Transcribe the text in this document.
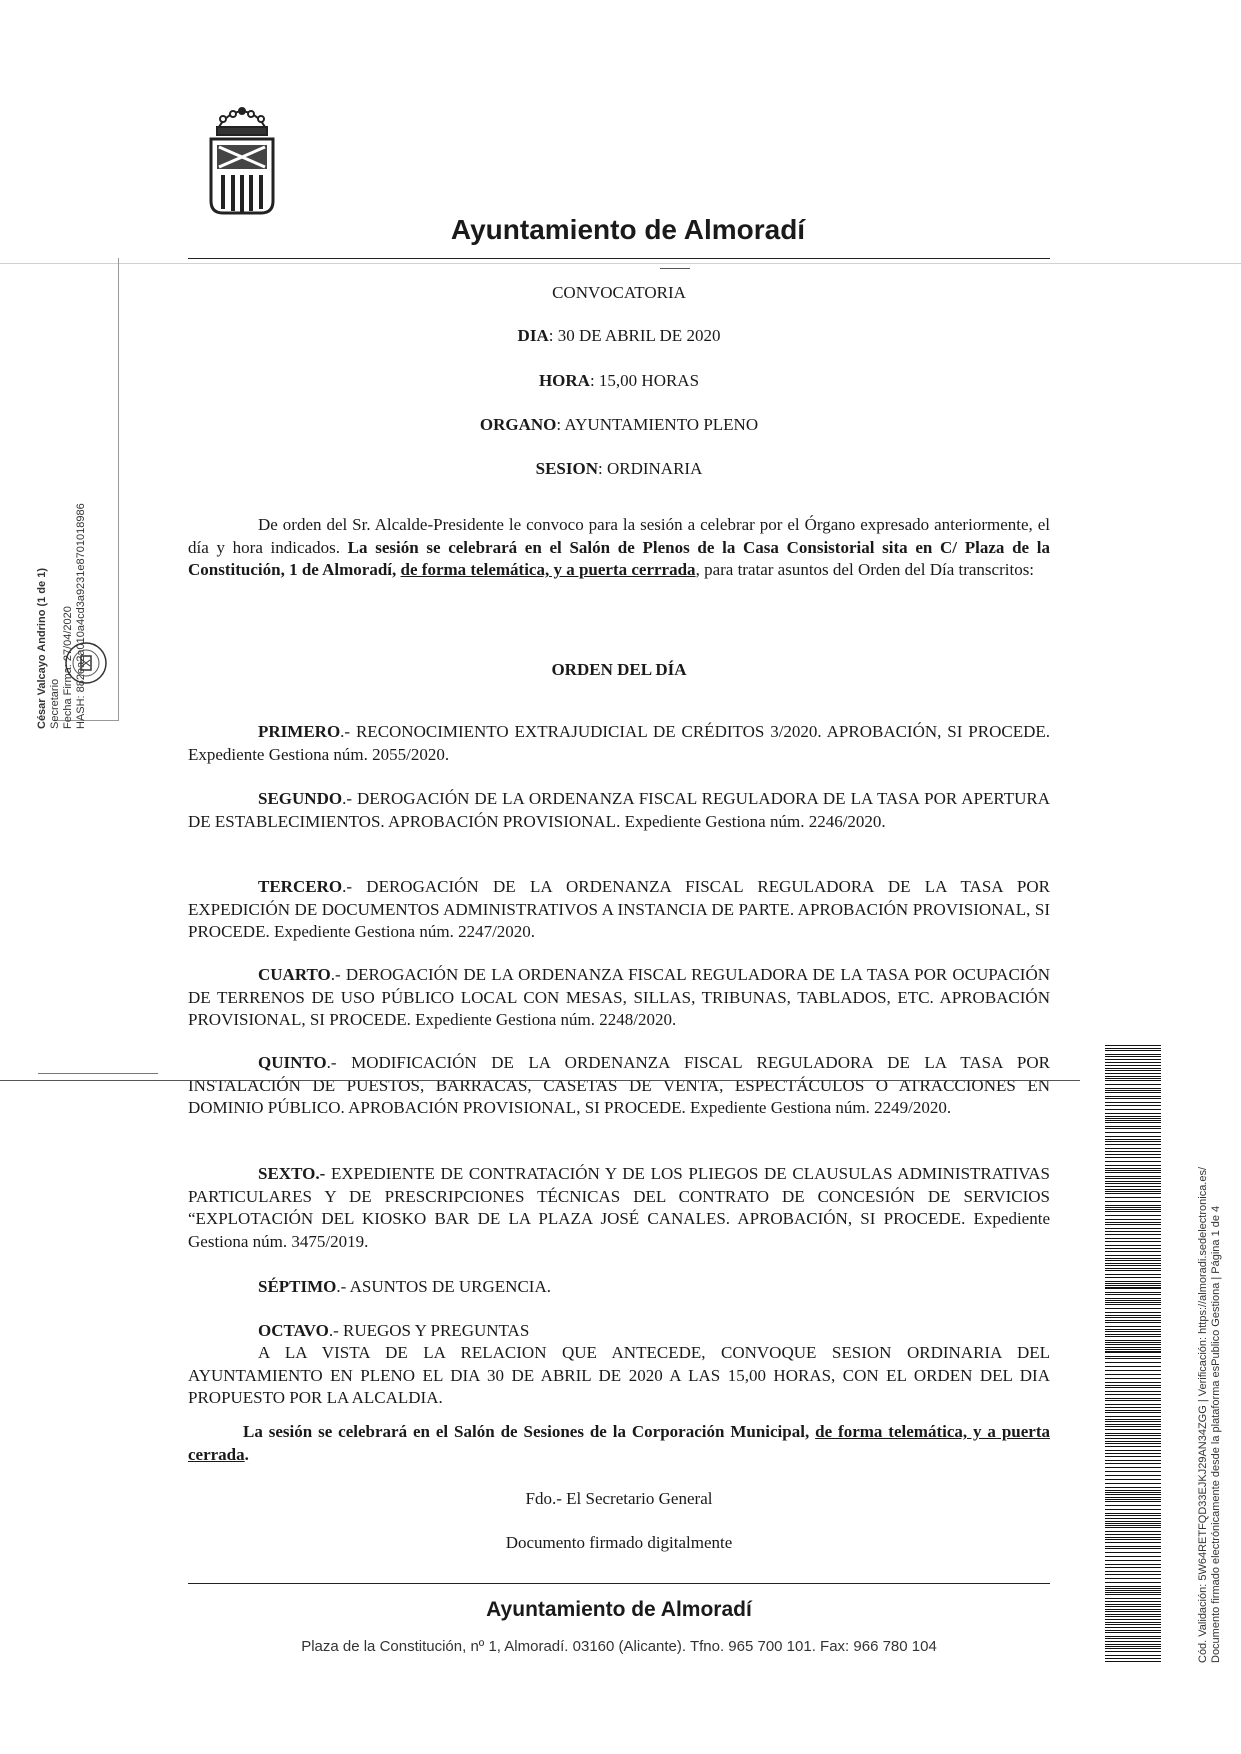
Ayuntamiento de Almoradí
César Valcayo Andrino (1 de 1) Secretario Fecha Firma: 27/04/2020 HASH: 882ea2a010a4cd3a9231e8701018986
CONVOCATORIA
DIA: 30 DE ABRIL DE 2020
HORA: 15,00 HORAS
ORGANO: AYUNTAMIENTO PLENO
SESION: ORDINARIA
De orden del Sr. Alcalde-Presidente le convoco para la sesión a celebrar por el Órgano expresado anteriormente, el día y hora indicados. La sesión se celebrará en el Salón de Plenos de la Casa Consistorial sita en C/ Plaza de la Constitución, 1 de Almoradí, de forma telemática, y a puerta cerrrada, para tratar asuntos del Orden del Día transcritos:
ORDEN DEL DÍA
PRIMERO.- RECONOCIMIENTO EXTRAJUDICIAL DE CRÉDITOS 3/2020. APROBACIÓN, SI PROCEDE. Expediente Gestiona núm. 2055/2020.
SEGUNDO.- DEROGACIÓN DE LA ORDENANZA FISCAL REGULADORA DE LA TASA POR APERTURA DE ESTABLECIMIENTOS. APROBACIÓN PROVISIONAL. Expediente Gestiona núm. 2246/2020.
TERCERO.- DEROGACIÓN DE LA ORDENANZA FISCAL REGULADORA DE LA TASA POR EXPEDICIÓN DE DOCUMENTOS ADMINISTRATIVOS A INSTANCIA DE PARTE. APROBACIÓN PROVISIONAL, SI PROCEDE. Expediente Gestiona núm. 2247/2020.
CUARTO.- DEROGACIÓN DE LA ORDENANZA FISCAL REGULADORA DE LA TASA POR OCUPACIÓN DE TERRENOS DE USO PÚBLICO LOCAL CON MESAS, SILLAS, TRIBUNAS, TABLADOS, ETC. APROBACIÓN PROVISIONAL, SI PROCEDE. Expediente Gestiona núm. 2248/2020.
QUINTO.- MODIFICACIÓN DE LA ORDENANZA FISCAL REGULADORA DE LA TASA POR INSTALACIÓN DE PUESTOS, BARRACAS, CASETAS DE VENTA, ESPECTÁCULOS O ATRACCIONES EN DOMINIO PÚBLICO. APROBACIÓN PROVISIONAL, SI PROCEDE. Expediente Gestiona núm. 2249/2020.
SEXTO.- EXPEDIENTE DE CONTRATACIÓN Y DE LOS PLIEGOS DE CLAUSULAS ADMINISTRATIVAS PARTICULARES Y DE PRESCRIPCIONES TÉCNICAS DEL CONTRATO DE CONCESIÓN DE SERVICIOS “EXPLOTACIÓN DEL KIOSKO BAR DE LA PLAZA JOSÉ CANALES. APROBACIÓN, SI PROCEDE. Expediente Gestiona núm. 3475/2019.
SÉPTIMO.- ASUNTOS DE URGENCIA.
OCTAVO.- RUEGOS Y PREGUNTAS
A LA VISTA DE LA RELACION QUE ANTECEDE, CONVOQUE SESION ORDINARIA DEL AYUNTAMIENTO EN PLENO EL DIA 30 DE ABRIL DE 2020 A LAS 15,00 HORAS, CON EL ORDEN DEL DIA PROPUESTO POR LA ALCALDIA.
La sesión se celebrará en el Salón de Sesiones de la Corporación Municipal, de forma telemática, y a puerta cerrada.
Fdo.- El Secretario General
Documento firmado digitalmente
Ayuntamiento de Almoradí
Plaza de la Constitución, nº 1, Almoradí. 03160 (Alicante). Tfno. 965 700 101. Fax: 966 780 104	Cód. Validación: 5W64RETFQD33EJKJ29AN34ZGG | Verificación: https://almoradi.sedelectronica.es/ Documento firmado electrónicamente desde la plataforma esPublico Gestiona | Página 1 de 4
